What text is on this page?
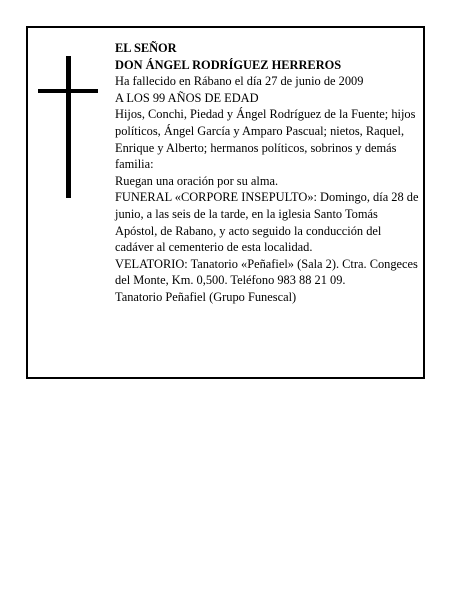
EL SEÑOR

DON ÁNGEL RODRÍGUEZ HERREROS

Ha fallecido en Rábano el día 27 de junio de 2009

A LOS 99 AÑOS DE EDAD

Hijos, Conchi, Piedad y Ángel Rodríguez de la Fuente; hijos políticos, Ángel García y Amparo Pascual; nietos, Raquel, Enrique y Alberto; hermanos políticos, sobrinos y demás familia:

Ruegan una oración por su alma.

FUNERAL «CORPORE INSEPULTO»: Domingo, día 28 de junio, a las seis de la tarde, en la iglesia Santo Tomás Apóstol, de Rabano, y acto seguido la conducción del cadáver al cementerio de esta localidad.

VELATORIO: Tanatorio «Peñafiel» (Sala 2). Ctra. Congeces del Monte, Km. 0,500. Teléfono 983 88 21 09.

Tanatorio Peñafiel (Grupo Funescal)
